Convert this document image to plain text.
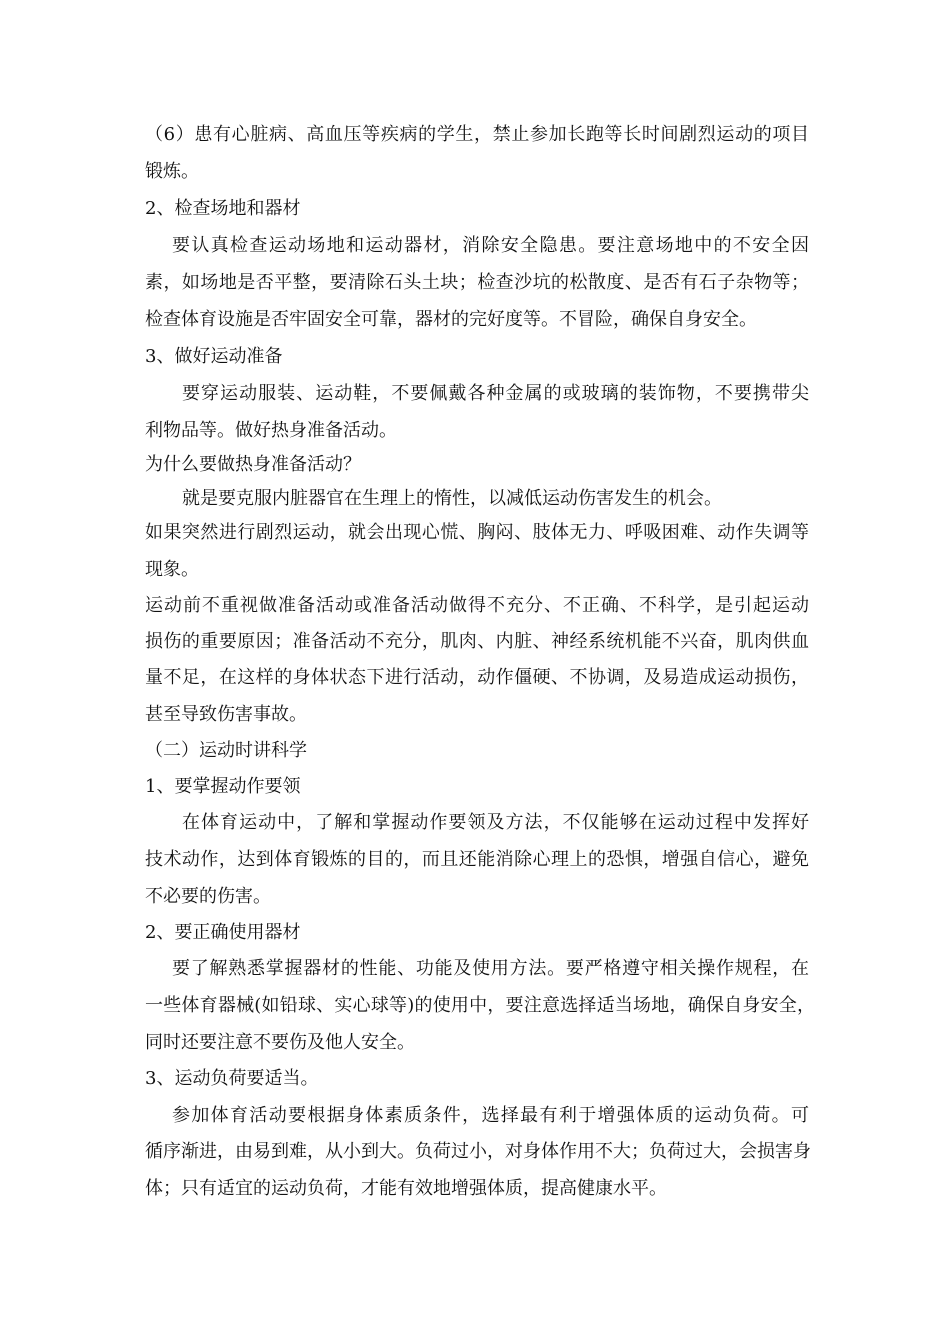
（6）患有心脏病、高血压等疾病的学生，禁止参加长跑等长时间剧烈运动的项目
锻炼。
2、检查场地和器材
要认真检查运动场地和运动器材，消除安全隐患。要注意场地中的不安全因
素，如场地是否平整，要清除石头土块；检查沙坑的松散度、是否有石子杂物等；
检查体育设施是否牢固安全可靠，器材的完好度等。不冒险，确保自身安全。
3、做好运动准备
要穿运动服装、运动鞋，不要佩戴各种金属的或玻璃的装饰物，不要携带尖
利物品等。做好热身准备活动。
为什么要做热身准备活动？
就是要克服内脏器官在生理上的惰性，以减低运动伤害发生的机会。
如果突然进行剧烈运动，就会出现心慌、胸闷、肢体无力、呼吸困难、动作失调等
现象。
运动前不重视做准备活动或准备活动做得不充分、不正确、不科学，是引起运动
损伤的重要原因；准备活动不充分，肌肉、内脏、神经系统机能不兴奋，肌肉供血
量不足，在这样的身体状态下进行活动，动作僵硬、不协调，及易造成运动损伤，
甚至导致伤害事故。
（二）运动时讲科学
1、要掌握动作要领
在体育运动中，了解和掌握动作要领及方法，不仅能够在运动过程中发挥好
技术动作，达到体育锻炼的目的，而且还能消除心理上的恐惧，增强自信心，避免
不必要的伤害。
2、要正确使用器材
要了解熟悉掌握器材的性能、功能及使用方法。要严格遵守相关操作规程，在
一些体育器械(如铅球、实心球等)的使用中，要注意选择适当场地，确保自身安全，
同时还要注意不要伤及他人安全。
3、运动负荷要适当。
参加体育活动要根据身体素质条件，选择最有利于增强体质的运动负荷。可
循序渐进，由易到难，从小到大。负荷过小，对身体作用不大；负荷过大，会损害身
体；只有适宜的运动负荷，才能有效地增强体质，提高健康水平。
